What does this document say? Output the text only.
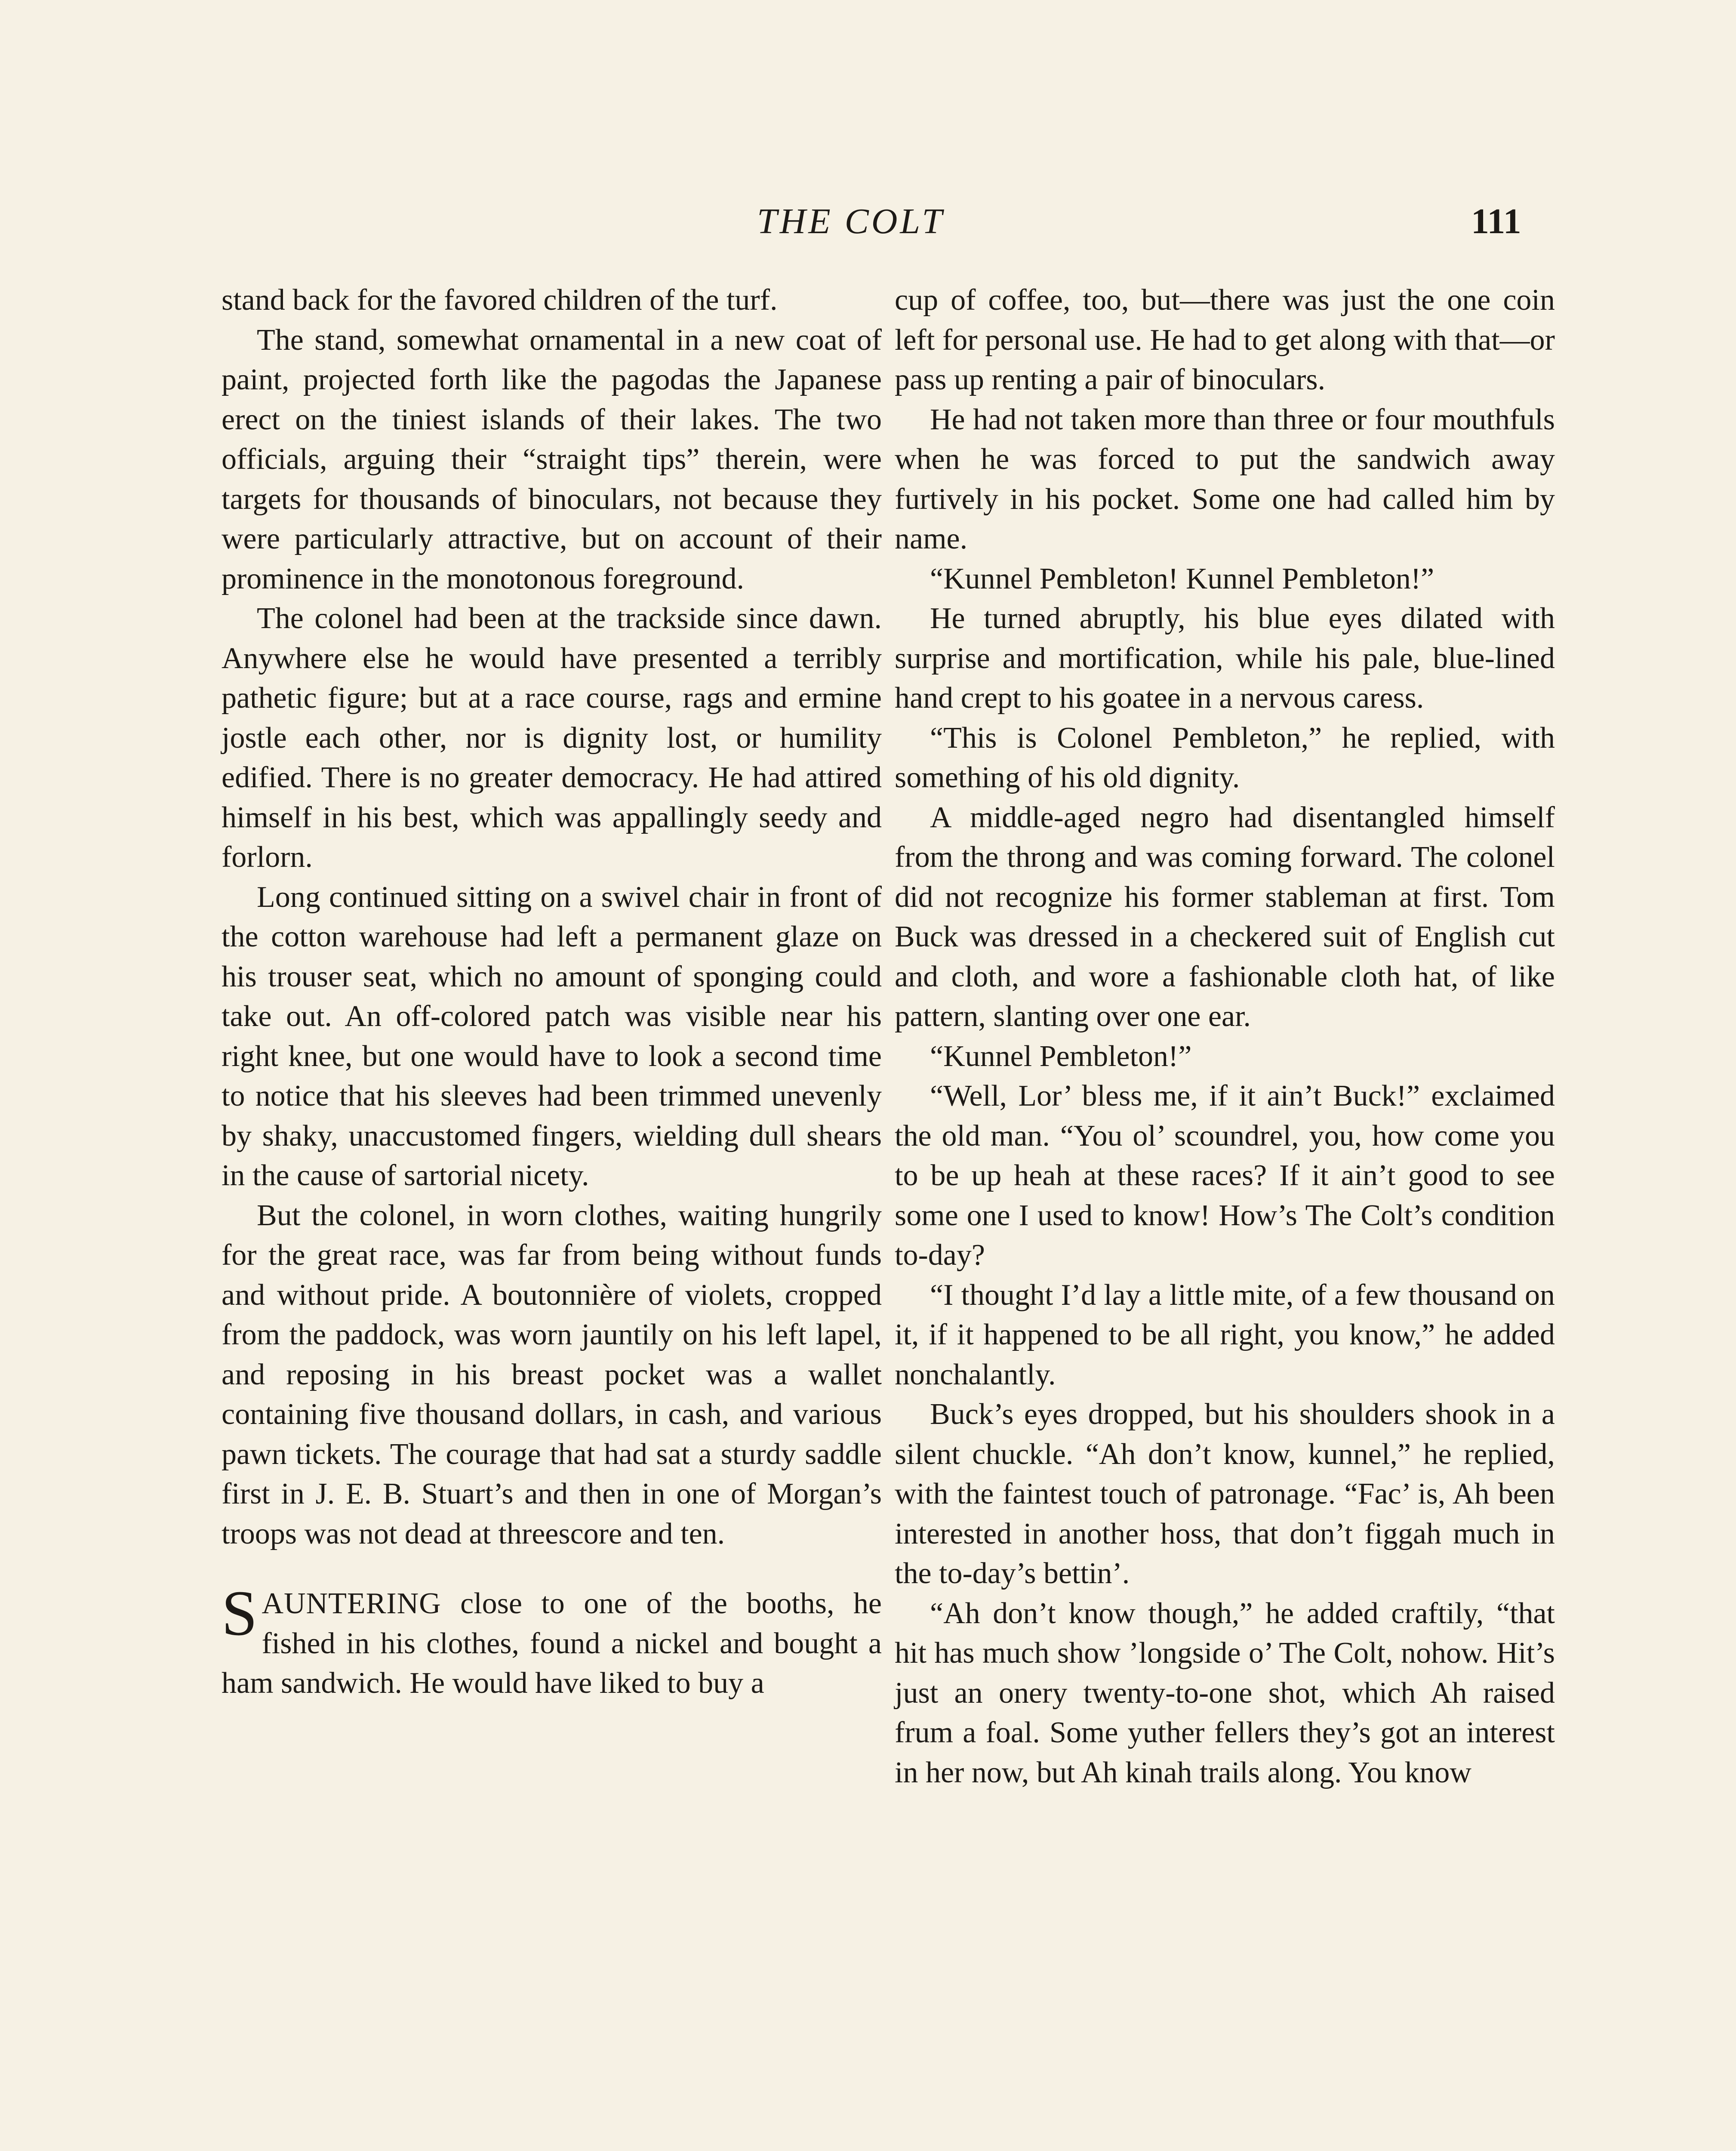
THE COLT	111

stand back for the favored children of the turf.

The stand, somewhat ornamental in a new coat of paint, projected forth like the pagodas the Japanese erect on the tiniest islands of their lakes. The two officials, arguing their “straight tips” therein, were targets for thousands of binoculars, not because they were particularly attractive, but on account of their prominence in the monotonous foreground.

The colonel had been at the trackside since dawn. Anywhere else he would have presented a terribly pathetic figure; but at a race course, rags and ermine jostle each other, nor is dignity lost, or humility edified. There is no greater democracy. He had attired himself in his best, which was appallingly seedy and forlorn.

Long continued sitting on a swivel chair in front of the cotton warehouse had left a permanent glaze on his trouser seat, which no amount of sponging could take out. An off-colored patch was visible near his right knee, but one would have to look a second time to notice that his sleeves had been trimmed unevenly by shaky, unaccustomed fingers, wielding dull shears in the cause of sartorial nicety.

But the colonel, in worn clothes, waiting hungrily for the great race, was far from being without funds and without pride. A boutonnière of violets, cropped from the paddock, was worn jauntily on his left lapel, and reposing in his breast pocket was a wallet containing five thousand dollars, in cash, and various pawn tickets. The courage that had sat a sturdy saddle first in J. E. B. Stuart’s and then in one of Morgan’s troops was not dead at threescore and ten.

SAUNTERING close to one of the booths, he fished in his clothes, found a nickel and bought a ham sandwich. He would have liked to buy a

cup of coffee, too, but—there was just the one coin left for personal use. He had to get along with that—or pass up renting a pair of binoculars.

He had not taken more than three or four mouthfuls when he was forced to put the sandwich away furtively in his pocket. Some one had called him by name.

“Kunnel Pembleton! Kunnel Pembleton!”

He turned abruptly, his blue eyes dilated with surprise and mortification, while his pale, blue-lined hand crept to his goatee in a nervous caress.

“This is Colonel Pembleton,” he replied, with something of his old dignity.

A middle-aged negro had disentangled himself from the throng and was coming forward. The colonel did not recognize his former stableman at first. Tom Buck was dressed in a checkered suit of English cut and cloth, and wore a fashionable cloth hat, of like pattern, slanting over one ear.

“Kunnel Pembleton!”

“Well, Lor’ bless me, if it ain’t Buck!” exclaimed the old man. “You ol’ scoundrel, you, how come you to be up heah at these races? If it ain’t good to see some one I used to know! How’s The Colt’s condition to-day?

“I thought I’d lay a little mite, of a few thousand on it, if it happened to be all right, you know,” he added nonchalantly.

Buck’s eyes dropped, but his shoulders shook in a silent chuckle. “Ah don’t know, kunnel,” he replied, with the faintest touch of patronage. “Fac’ is, Ah been interested in another hoss, that don’t figgah much in the to-day’s bettin’.

“Ah don’t know though,” he added craftily, “that hit has much show ’longside o’ The Colt, nohow. Hit’s just an onery twenty-to-one shot, which Ah raised frum a foal. Some yuther fellers they’s got an interest in her now, but Ah kinah trails along. You know
